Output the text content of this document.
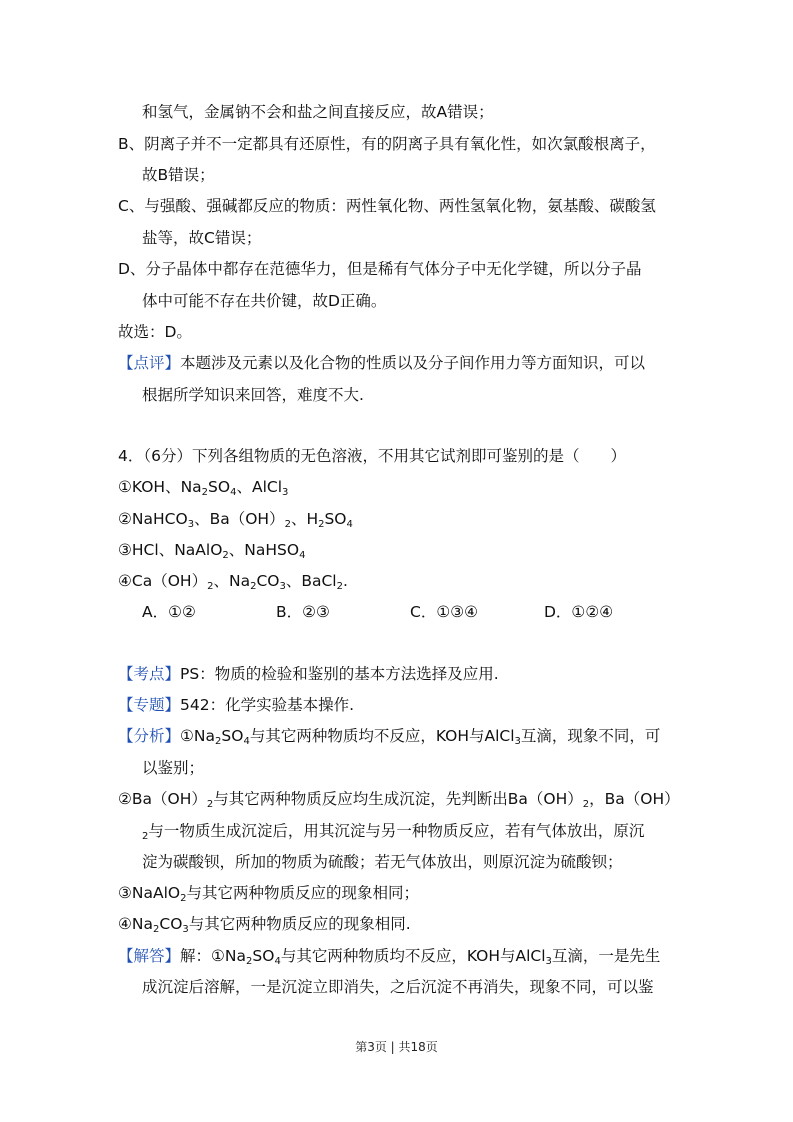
和氢气，金属钠不会和盐之间直接反应，故A错误；
B、阴离子并不一定都具有还原性，有的阴离子具有氧化性，如次氯酸根离子，
故B错误；
C、与强酸、强碱都反应的物质：两性氧化物、两性氢氧化物，氨基酸、碳酸氢
盐等，故C错误；
D、分子晶体中都存在范德华力，但是稀有气体分子中无化学键，所以分子晶
体中可能不存在共价键，故D正确。
故选：D。
【点评】本题涉及元素以及化合物的性质以及分子间作用力等方面知识，可以
根据所学知识来回答，难度不大.
4．（6分）下列各组物质的无色溶液，不用其它试剂即可鉴别的是（　　）
①KOH、$Na_2SO_4$、AlCl$_3$
②NaHCO$_3$、$Ba(OH)_2$、$H_2SO_4$
③HCl、NaAlO$_2$、NaHSO$_4$
$④Ca(OH)_2$、$Na_2CO_3$、BaCl$_2$.
A．①②	B．②③	C．①③④	D．①②④
【考点】PS：物质的检验和鉴别的基本方法选择及应用.
【专题】542：化学实验基本操作.
【分析】$①Na_2SO_4$与其它两种物质均不反应，KOH与AlCl$_3$互滴，现象不同，可
以鉴别；
$②Ba(OH)_2$与其它两种物质反应均生成沉淀，先判断出$Ba(OH)_2$，Ba（OH）
$_2$与一物质生成沉淀后，用其沉淀与另一种物质反应，若有气体放出，原沉
淀为碳酸钡，所加的物质为硫酸；若无气体放出，则原沉淀为硫酸钡；
③NaAlO$_2$与其它两种物质反应的现象相同；
$④Na_2CO_3$与其它两种物质反应的现象相同.
【解答】解：$①Na_2SO_4$与其它两种物质均不反应，KOH与AlCl$_3$互滴，一是先生
成沉淀后溶解，一是沉淀立即消失，之后沉淀不再消失，现象不同，可以鉴
第3页 | 共18页
